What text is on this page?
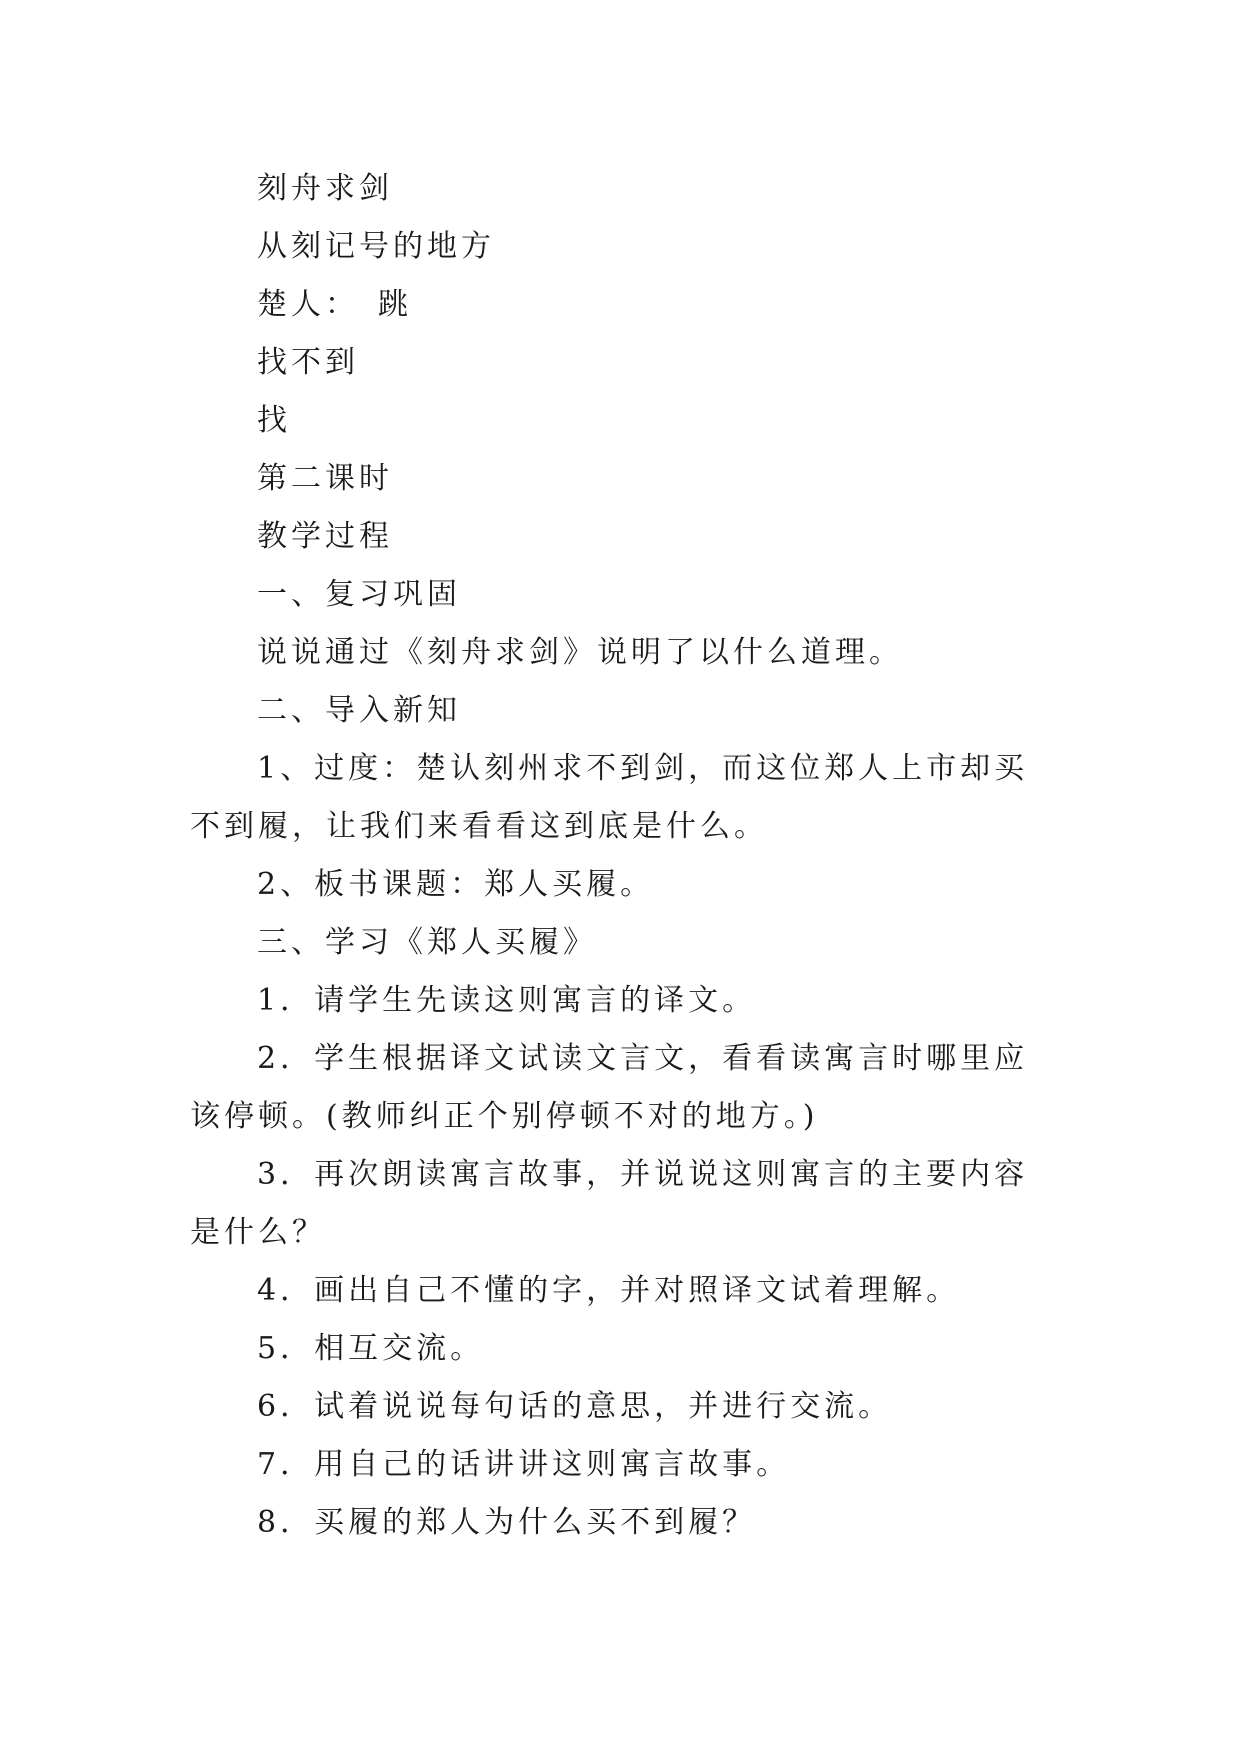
刻舟求剑

从刻记号的地方

楚人：　跳

找不到

找

第二课时

教学过程

一、复习巩固

说说通过《刻舟求剑》说明了以什么道理。

二、导入新知

1、过度：楚认刻州求不到剑，而这位郑人上市却买不到履，让我们来看看这到底是什么。

2、板书课题：郑人买履。

三、学习《郑人买履》

1．请学生先读这则寓言的译文。

2．学生根据译文试读文言文，看看读寓言时哪里应该停顿。(教师纠正个别停顿不对的地方。)

3．再次朗读寓言故事，并说说这则寓言的主要内容是什么？

4．画出自己不懂的字，并对照译文试着理解。

5．相互交流。

6．试着说说每句话的意思，并进行交流。

7．用自己的话讲讲这则寓言故事。

8．买履的郑人为什么买不到履？
